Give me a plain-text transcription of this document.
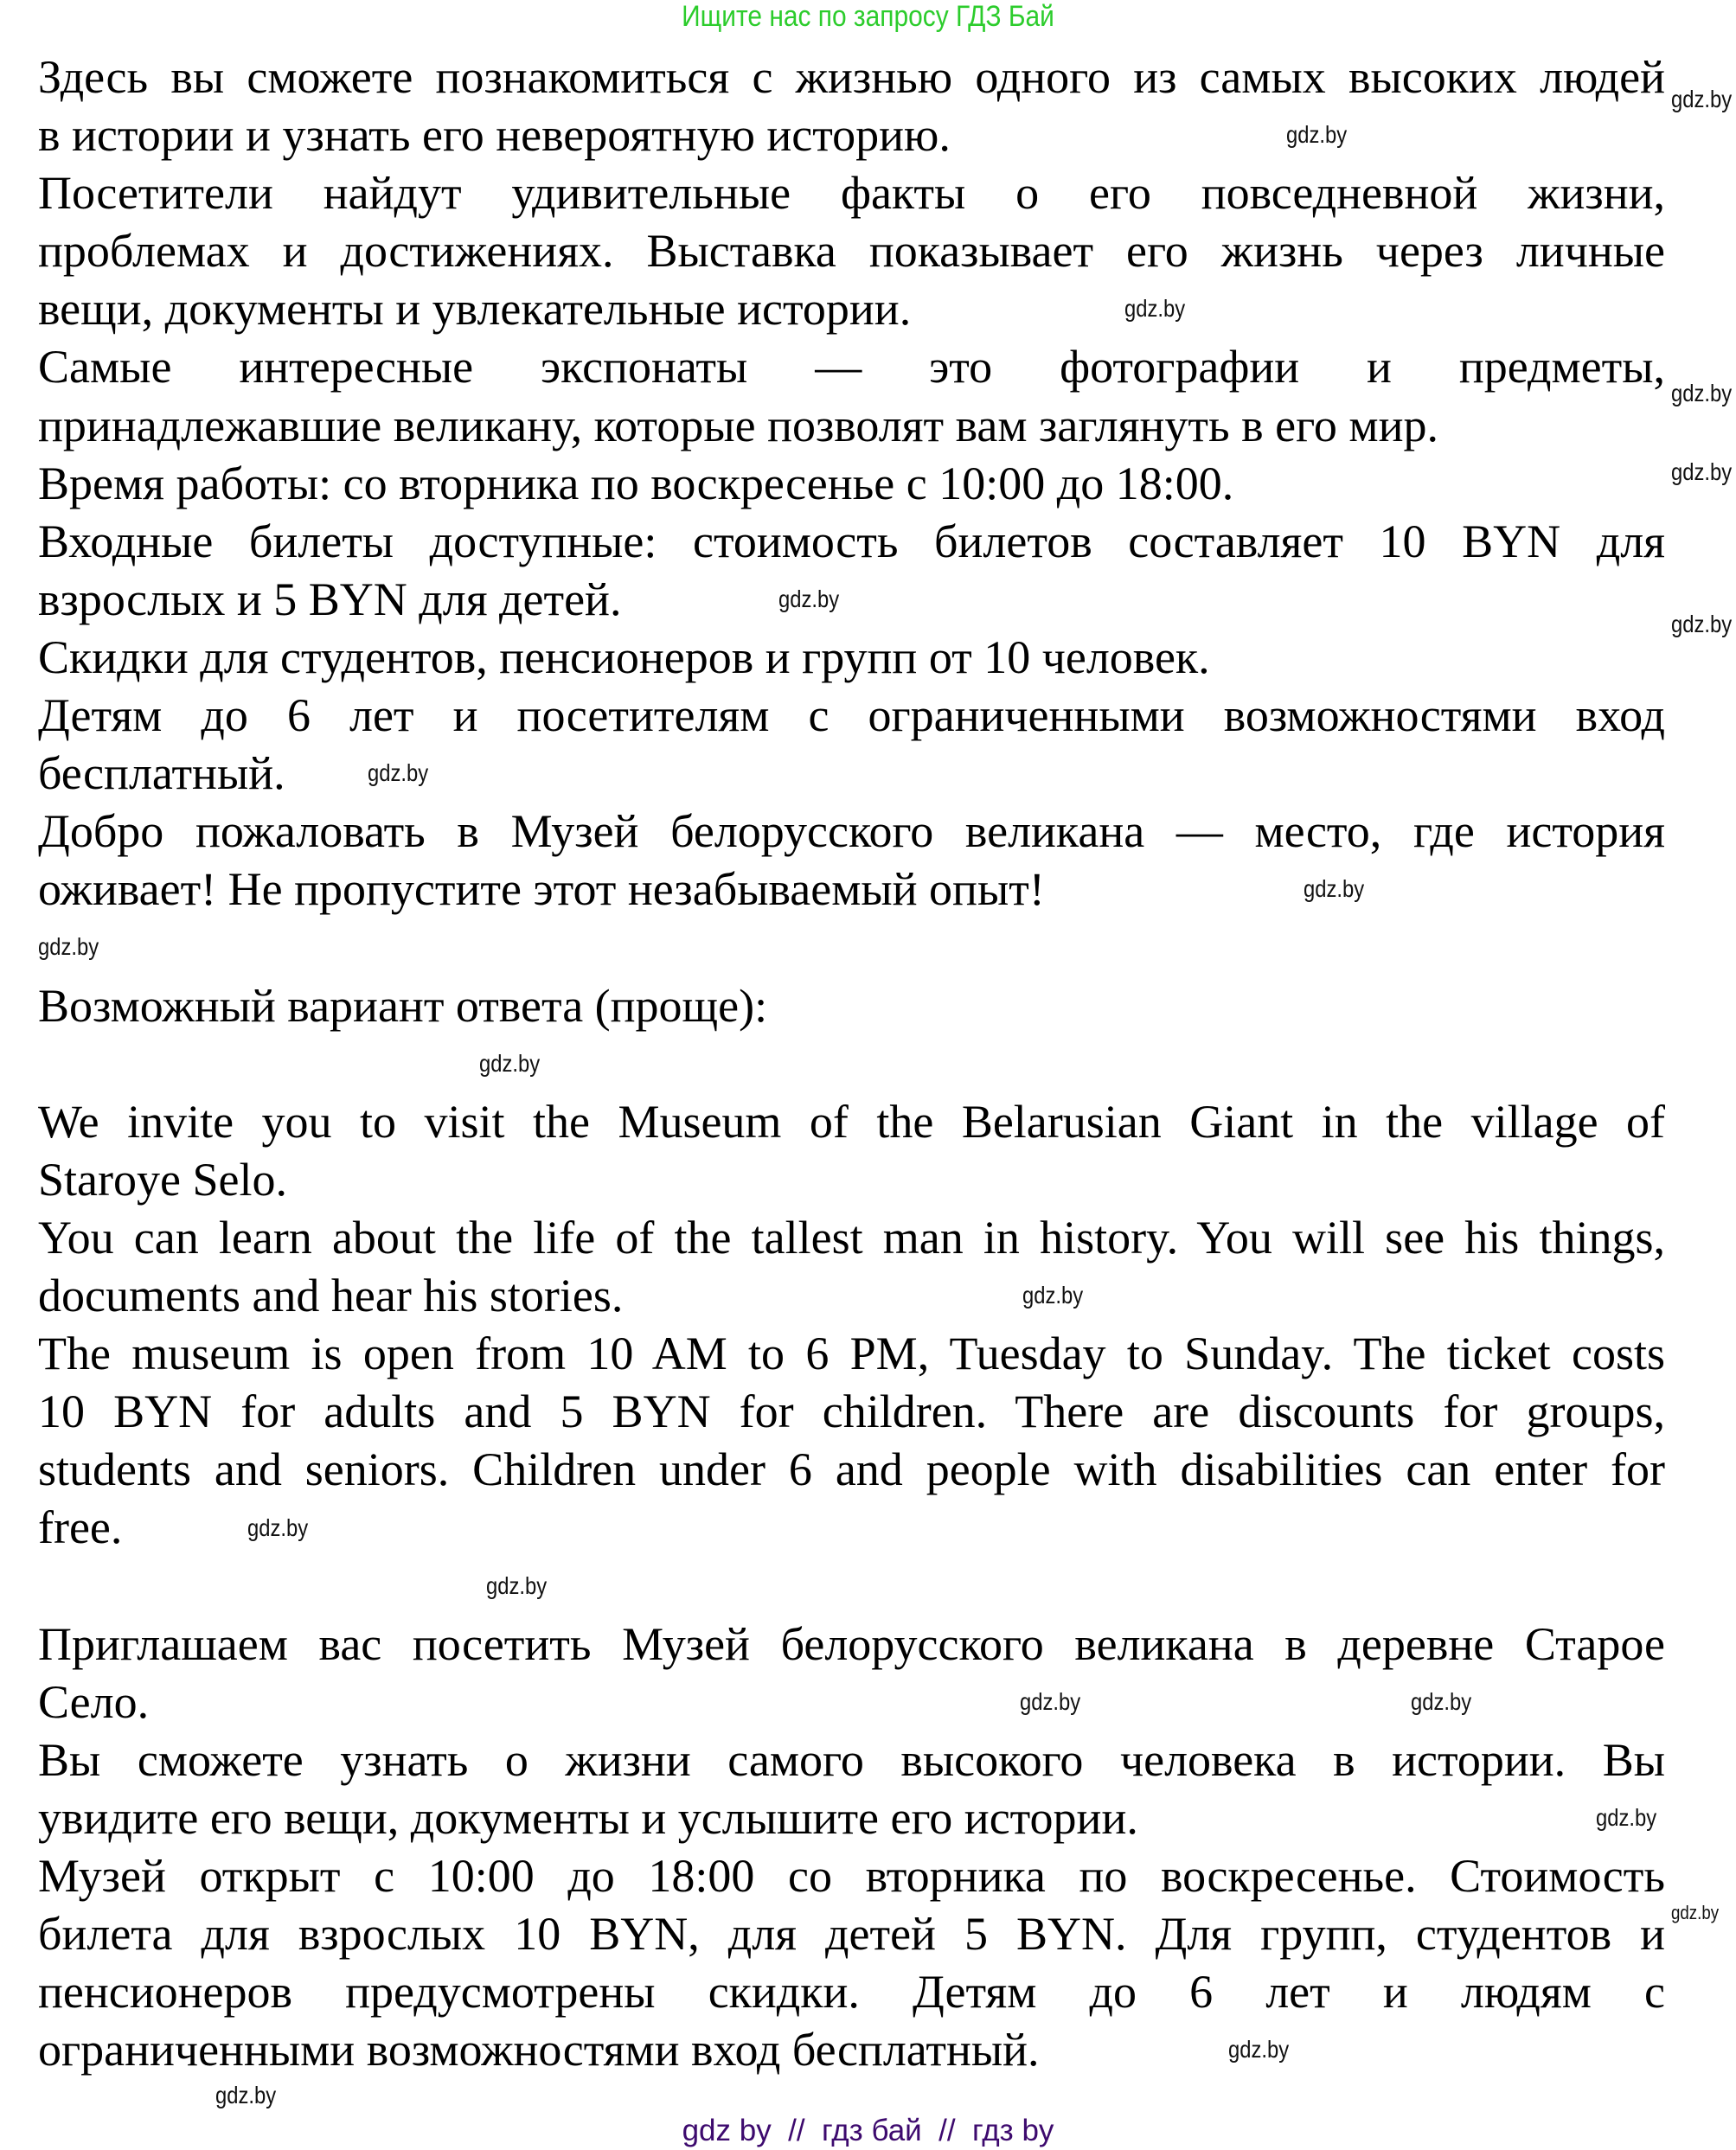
Ищите нас по запросу ГДЗ Бай
Здесь вы сможете познакомиться с жизнью одного из самых высоких людей
в истории и узнать его невероятную историю.
Посетители найдут удивительные факты о его повседневной жизни,
проблемах и достижениях. Выставка показывает его жизнь через личные
вещи, документы и увлекательные истории.
Самые интересные экспонаты — это фотографии и предметы,
принадлежавшие великану, которые позволят вам заглянуть в его мир.
Время работы: со вторника по воскресенье с 10:00 до 18:00.
Входные билеты доступные: стоимость билетов составляет 10 BYN для
взрослых и 5 BYN для детей.
Скидки для студентов, пенсионеров и групп от 10 человек.
Детям до 6 лет и посетителям с ограниченными возможностями вход
бесплатный.
Добро пожаловать в Музей белорусского великана — место, где история
оживает! Не пропустите этот незабываемый опыт!
Возможный вариант ответа (проще):
We invite you to visit the Museum of the Belarusian Giant in the village of
Staroye Selo.
You can learn about the life of the tallest man in history. You will see his things,
documents and hear his stories.
The museum is open from 10 AM to 6 PM, Tuesday to Sunday. The ticket costs
10 BYN for adults and 5 BYN for children. There are discounts for groups,
students and seniors. Children under 6 and people with disabilities can enter for
free.
Приглашаем вас посетить Музей белорусского великана в деревне Старое
Село.
Вы сможете узнать о жизни самого высокого человека в истории. Вы
увидите его вещи, документы и услышите его истории.
Музей открыт с 10:00 до 18:00 со вторника по воскресенье. Стоимость
билета для взрослых 10 BYN, для детей 5 BYN. Для групп, студентов и
пенсионеров предусмотрены скидки. Детям до 6 лет и людям с
ограниченными возможностями вход бесплатный.
gdz.by
gdz.by
gdz.by
gdz.by
gdz.by
gdz.by
gdz.by
gdz.by
gdz.by
gdz.by
gdz.by
gdz.by
gdz.by
gdz.by
gdz.by	gdz.by
gdz.by
gdz.by
gdz.by
gdz.by
gdz by  //  гдз бай  //  гдз by
